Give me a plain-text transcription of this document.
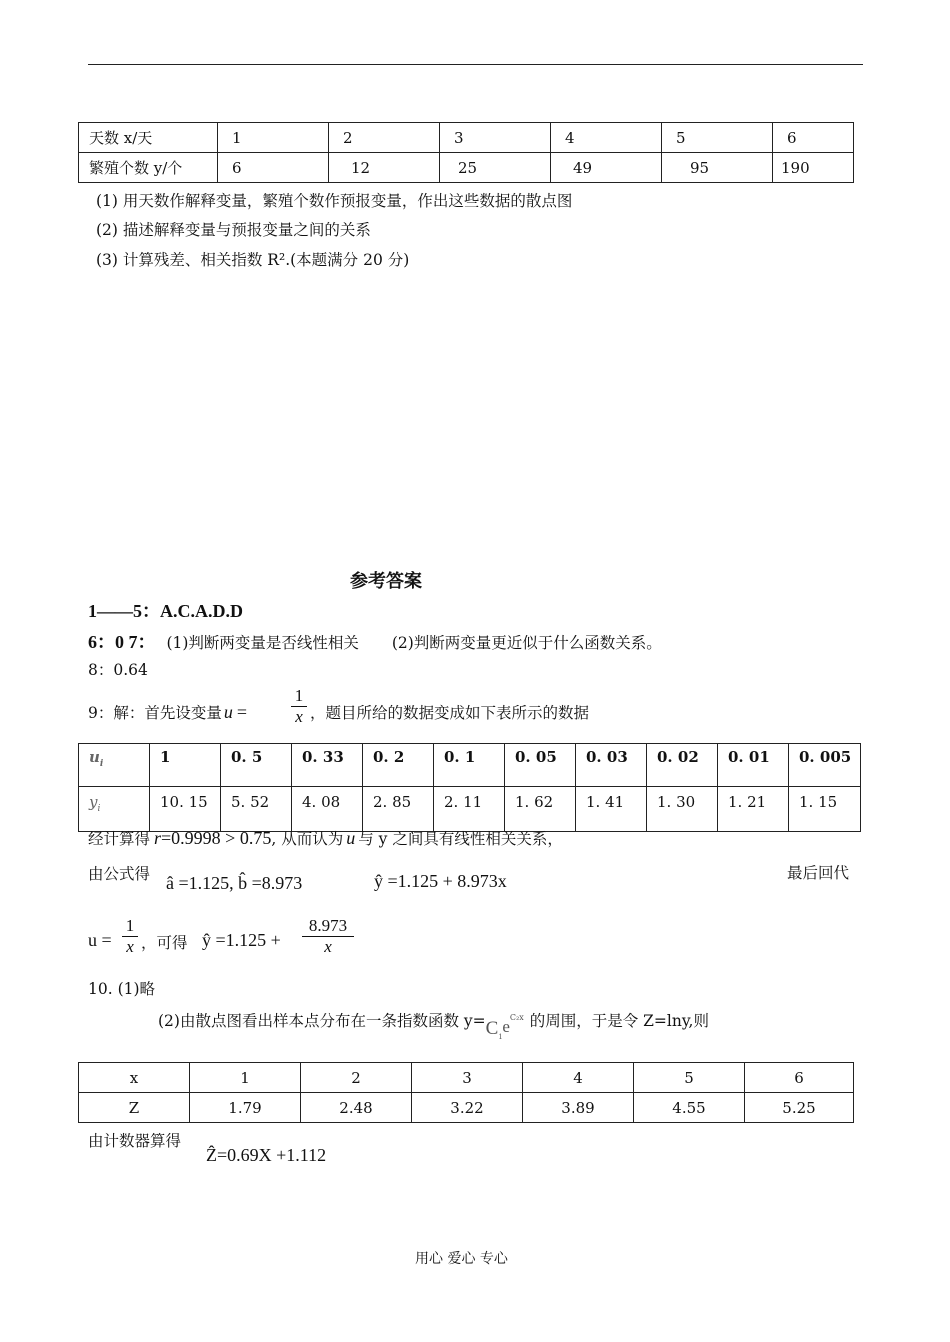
天数 x/天	1	2	3	4	5	6
繁殖个数 y/个	6	12	25	49	95	190
(1) 用天数作解释变量，繁殖个数作预报变量，作出这些数据的散点图
(2) 描述解释变量与预报变量之间的关系
(3) 计算残差、相关指数 R².(本题满分 20 分)
参考答案
1——5：A.C.A.D.D
6：0 7： (1)判断两变量是否线性相关 (2)判断两变量更近似于什么函数关系。
8：0.64
9：解：首先设变量 u =	$\frac{1}{x}$ ，题目所给的数据变成如下表所示的数据
$u_i$	1	0. 5	0. 33	0. 2	0. 1	0. 05	0. 03	0. 02	0. 01	0. 005
$y_i$	10. 15	5. 52	4. 08	2. 85	2. 11	1. 62	1. 41	1. 30	1. 21	1. 15
经计算得 r=0.9998 > 0.75, 从而认为 u 与 y 之间具有线性相关关系，
由公式得 â =1.125, b̂ =8.973	ŷ =1.125 + 8.973x	最后回代
$u = \frac{1}{x}$ ，可得 ŷ $=1.125 + \frac{8.973}{x}$
10. (1)略
(2)由散点图看出样本点分布在一条指数函数 $y=C_1e^{C_2x}$ 的周围，于是令 Z=lny,则
x	1	2	3	4	5	6
Z	1.79	2.48	3.22	3.89	4.55	5.25
由计数器算得
Ẑ=0.69X +1.112
用心 爱心 专心
